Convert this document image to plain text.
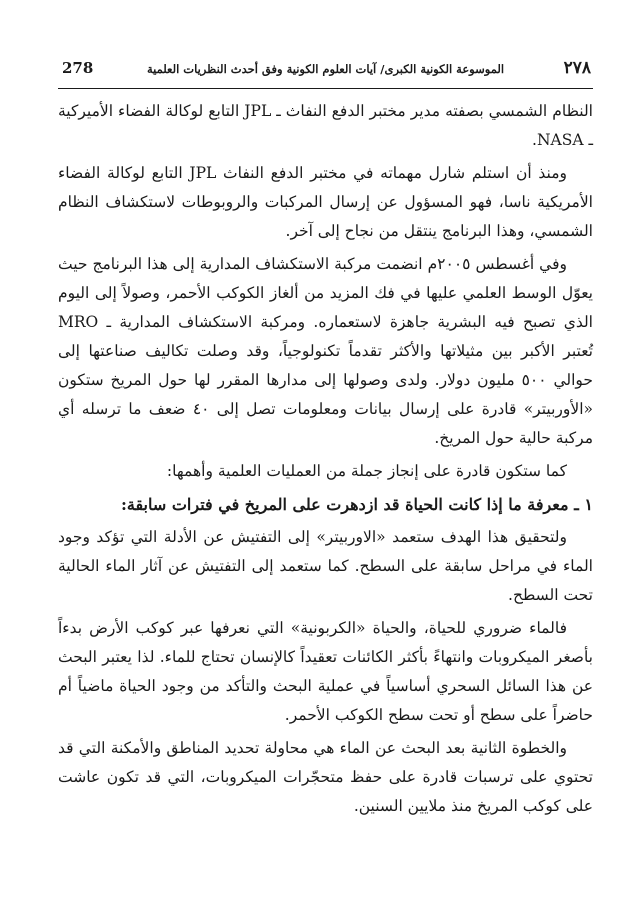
٢٧٨
الموسوعة الكونية الكبرى/ آيات العلوم الكونية وفق أحدث النظريات العلمية
278

النظام الشمسي بصفته مدير مختبر الدفع النفاث ـ JPL التابع لوكالة الفضاء الأميركية ـ NASA.

ومنذ أن استلم شارل مهماته في مختبر الدفع النفاث JPL التابع لوكالة الفضاء الأمريكية ناسا، فهو المسؤول عن إرسال المركبات والروبوطات لاستكشاف النظام الشمسي، وهذا البرنامج ينتقل من نجاح إلى آخر.

وفي أغسطس ٢٠٠٥م انضمت مركبة الاستكشاف المدارية إلى هذا البرنامج حيث يعوّل الوسط العلمي عليها في فك المزيد من ألغاز الكوكب الأحمر، وصولاً إلى اليوم الذي تصبح فيه البشرية جاهزة لاستعماره. ومركبة الاستكشاف المدارية ـ MRO تُعتبر الأكبر بين مثيلاتها والأكثر تقدماً تكنولوجياً، وقد وصلت تكاليف صناعتها إلى حوالي ٥٠٠ مليون دولار. ولدى وصولها إلى مدارها المقرر لها حول المريخ ستكون «الأوربيتر» قادرة على إرسال بيانات ومعلومات تصل إلى ٤٠ ضعف ما ترسله أي مركبة حالية حول المريخ.

كما ستكون قادرة على إنجاز جملة من العمليات العلمية وأهمها:

١ ـ معرفة ما إذا كانت الحياة قد ازدهرت على المريخ في فترات سابقة:

ولتحقيق هذا الهدف ستعمد «الاوربيتر» إلى التفتيش عن الأدلة التي تؤكد وجود الماء في مراحل سابقة على السطح. كما ستعمد إلى التفتيش عن آثار الماء الحالية تحت السطح.

فالماء ضروري للحياة، والحياة «الكربونية» التي نعرفها عبر كوكب الأرض بدءاً بأصغر الميكروبات وانتهاءً بأكثر الكائنات تعقيداً كالإنسان تحتاج للماء. لذا يعتبر البحث عن هذا السائل السحري أساسياً في عملية البحث والتأكد من وجود الحياة ماضياً أم حاضراً على سطح أو تحت سطح الكوكب الأحمر.

والخطوة الثانية بعد البحث عن الماء هي محاولة تحديد المناطق والأمكنة التي قد تحتوي على ترسبات قادرة على حفظ متحجّرات الميكروبات، التي قد تكون عاشت على كوكب المريخ منذ ملايين السنين.
